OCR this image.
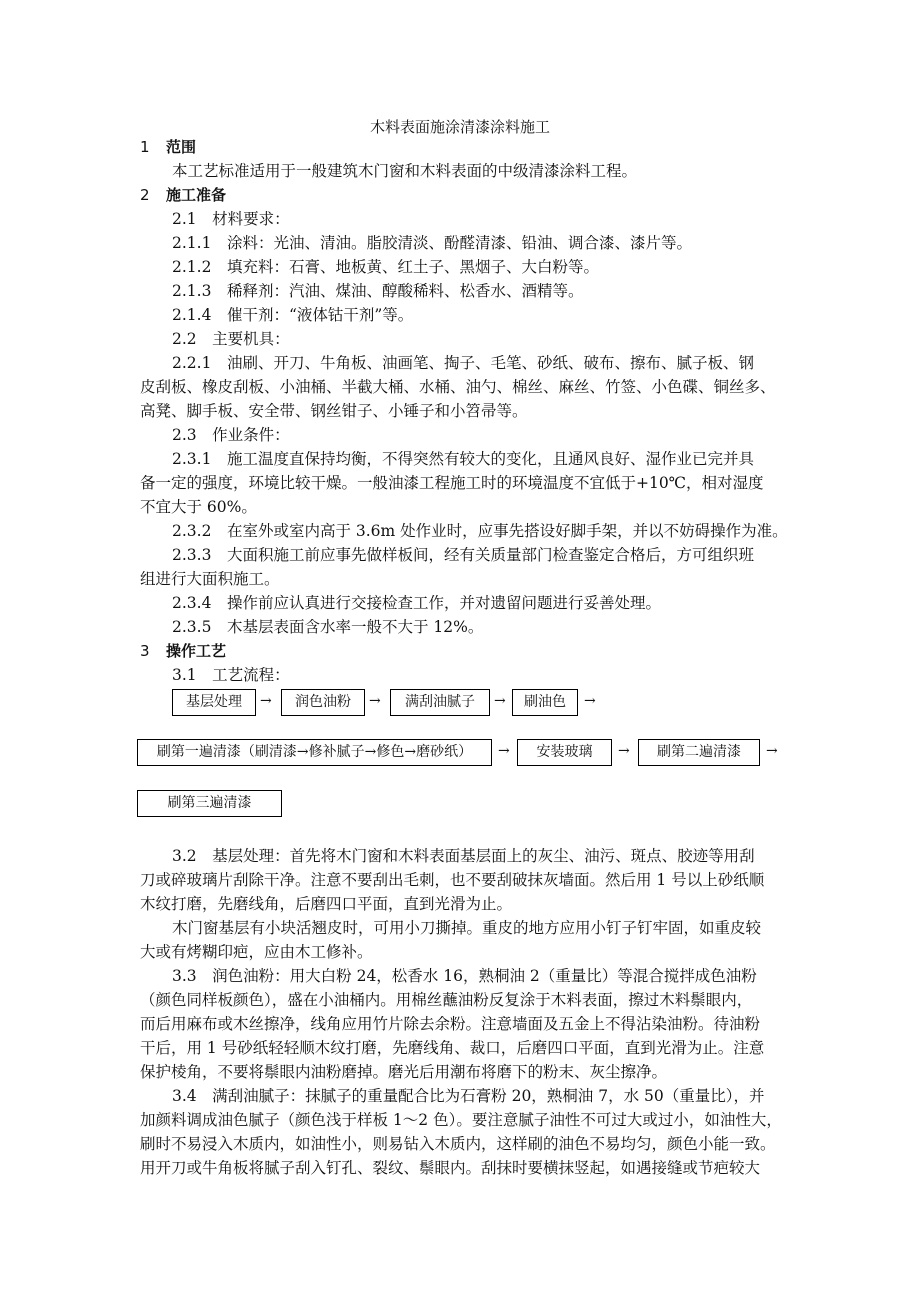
木料表面施涂清漆涂料施工
1 范围
本工艺标准适用于一般建筑木门窗和木料表面的中级清漆涂料工程。
2 施工准备
2.1　材料要求：
2.1.1　涂料：光油、清油。脂胶清淡、酚醛清漆、铅油、调合漆、漆片等。
2.1.2　填充料：石膏、地板黄、红土子、黑烟子、大白粉等。
2.1.3　稀释剂：汽油、煤油、醇酸稀料、松香水、酒精等。
2.1.4　催干剂：“液体钴干剂”等。
2.2　主要机具：
2.2.1　油刷、开刀、牛角板、油画笔、掏子、毛笔、砂纸、破布、擦布、腻子板、钢
皮刮板、橡皮刮板、小油桶、半截大桶、水桶、油勺、棉丝、麻丝、竹签、小色碟、铜丝多、
高凳、脚手板、安全带、钢丝钳子、小锤子和小笤帚等。
2.3　作业条件：
2.3.1　施工温度直保持均衡，不得突然有较大的变化，且通风良好、湿作业已完并具
备一定的强度，环境比较干燥。一般油漆工程施工时的环境温度不宜低于+10℃，相对湿度
不宜大于 60%。
2.3.2　在室外或室内高于 3.6m 处作业时，应事先搭设好脚手架，并以不妨碍操作为准。
2.3.3　大面积施工前应事先做样板间，经有关质量部门检查鉴定合格后，方可组织班
组进行大面积施工。
2.3.4　操作前应认真进行交接检查工作，并对遗留问题进行妥善处理。
2.3.5　木基层表面含水率一般不大于 12%。
3 操作工艺
3.1　工艺流程：
基层处理	→	润色油粉	→	满刮油腻子	→	刷油色	→
刷第一遍清漆（刷清漆→修补腻子→修色→磨砂纸）	→	安装玻璃	→	刷第二遍清漆	→
刷第三遍清漆
3.2　基层处理：首先将木门窗和木料表面基层面上的灰尘、油污、斑点、胶迹等用刮
刀或碎玻璃片刮除干净。注意不要刮出毛刺，也不要刮破抹灰墙面。然后用 1 号以上砂纸顺
木纹打磨，先磨线角，后磨四口平面，直到光滑为止。
木门窗基层有小块活翘皮时，可用小刀撕掉。重皮的地方应用小钉子钉牢固，如重皮较
大或有烤糊印疤，应由木工修补。
3.3　润色油粉：用大白粉 24，松香水 16，熟桐油 2（重量比）等混合搅拌成色油粉
（颜色同样板颜色），盛在小油桶内。用棉丝蘸油粉反复涂于木料表面，擦过木料鬃眼内，
而后用麻布或木丝擦净，线角应用竹片除去余粉。注意墙面及五金上不得沾染油粉。待油粉
干后，用 1 号砂纸轻轻顺木纹打磨，先磨线角、裁口，后磨四口平面，直到光滑为止。注意
保护棱角，不要将鬃眼内油粉磨掉。磨光后用潮布将磨下的粉末、灰尘擦净。
3.4　满刮油腻子：抹腻子的重量配合比为石膏粉 20，熟桐油 7，水 50（重量比），并
加颜料调成油色腻子（颜色浅于样板 1～2 色）。要注意腻子油性不可过大或过小，如油性大，
刷时不易浸入木质内，如油性小，则易钻入木质内，这样刷的油色不易均匀，颜色小能一致。
用开刀或牛角板将腻子刮入钉孔、裂纹、鬃眼内。刮抹时要横抹竖起，如遇接缝或节疤较大
